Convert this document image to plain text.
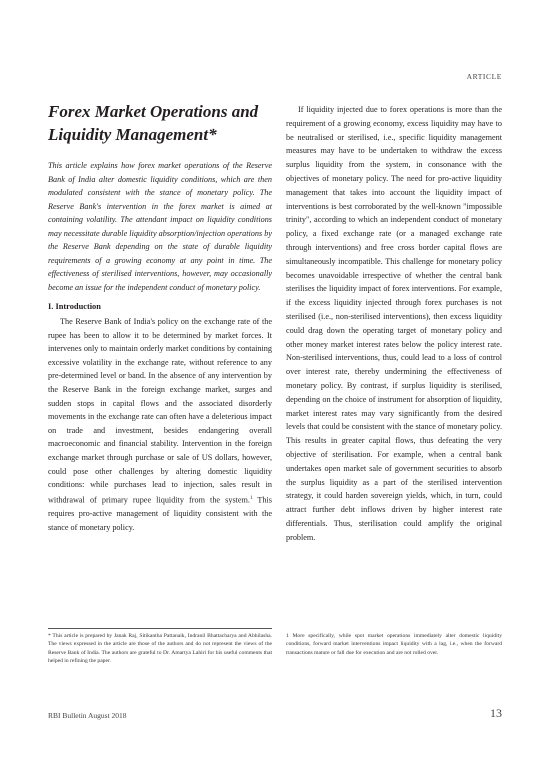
ARTICLE
Forex Market Operations and Liquidity Management*

This article explains how forex market operations of the Reserve Bank of India alter domestic liquidity conditions, which are then modulated consistent with the stance of monetary policy. The Reserve Bank's intervention in the forex market is aimed at containing volatility. The attendant impact on liquidity conditions may necessitate durable liquidity absorption/injection operations by the Reserve Bank depending on the state of durable liquidity requirements of a growing economy at any point in time. The effectiveness of sterilised interventions, however, may occasionally become an issue for the independent conduct of monetary policy.

I. Introduction

The Reserve Bank of India's policy on the exchange rate of the rupee has been to allow it to be determined by market forces. It intervenes only to maintain orderly market conditions by containing excessive volatility in the exchange rate, without reference to any pre-determined level or band. In the absence of any intervention by the Reserve Bank in the foreign exchange market, surges and sudden stops in capital flows and the associated disorderly movements in the exchange rate can often have a deleterious impact on trade and investment, besides endangering overall macroeconomic and financial stability. Intervention in the foreign exchange market through purchase or sale of US dollars, however, could pose other challenges by altering domestic liquidity conditions: while purchases lead to injection, sales result in withdrawal of primary rupee liquidity from the system.$^1$ This requires pro-active management of liquidity consistent with the stance of monetary policy.

If liquidity injected due to forex operations is more than the requirement of a growing economy, excess liquidity may have to be neutralised or sterilised, i.e., specific liquidity management measures may have to be undertaken to withdraw the excess surplus liquidity from the system, in consonance with the objectives of monetary policy. The need for pro-active liquidity management that takes into account the liquidity impact of interventions is best corroborated by the well-known "impossible trinity", according to which an independent conduct of monetary policy, a fixed exchange rate (or a managed exchange rate through interventions) and free cross border capital flows are simultaneously incompatible. This challenge for monetary policy becomes unavoidable irrespective of whether the central bank sterilises the liquidity impact of forex interventions. For example, if the excess liquidity injected through forex purchases is not sterilised (i.e., non-sterilised interventions), then excess liquidity could drag down the operating target of monetary policy and other money market interest rates below the policy interest rate. Non-sterilised interventions, thus, could lead to a loss of control over interest rate, thereby undermining the effectiveness of monetary policy. By contrast, if surplus liquidity is sterilised, depending on the choice of instrument for absorption of liquidity, market interest rates may vary significantly from the desired levels that could be consistent with the stance of monetary policy. This results in greater capital flows, thus defeating the very objective of sterilisation. For example, when a central bank undertakes open market sale of government securities to absorb the surplus liquidity as a part of the sterilised intervention strategy, it could harden sovereign yields, which, in turn, could attract further debt inflows driven by higher interest rate differentials. Thus, sterilisation could amplify the original problem.

* This article is prepared by Janak Raj, Sitikantha Pattanaik, Indranil Bhattacharya and Abhilasha. The views expressed in the article are those of the authors and do not represent the views of the Reserve Bank of India. The authors are grateful to Dr. Amartya Lahiri for his useful comments that helped in refining the paper.
1 More specifically, while spot market operations immediately alter domestic liquidity conditions, forward market interventions impact liquidity with a lag, i.e., when the forward transactions mature or fall due for execution and are not rolled over.
RBI Bulletin August 2018	13
